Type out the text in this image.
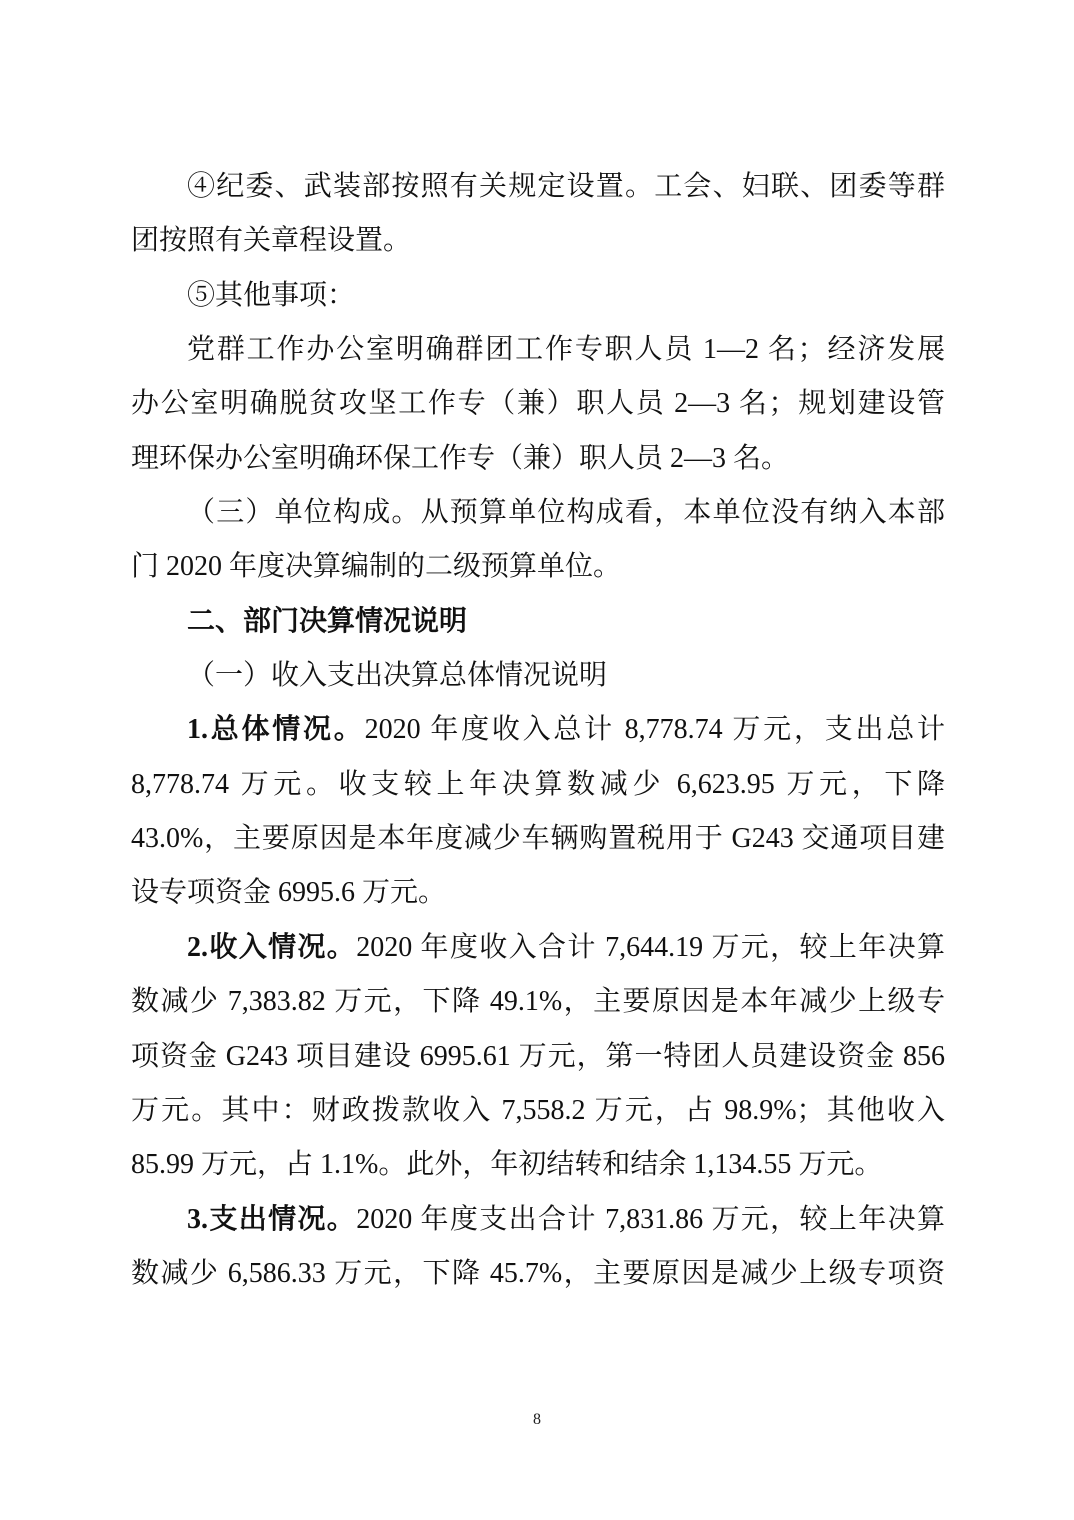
④纪委、武装部按照有关规定设置。工会、妇联、团委等群
团按照有关章程设置。
⑤其他事项：
党群工作办公室明确群团工作专职人员 1—2 名；经济发展
办公室明确脱贫攻坚工作专（兼）职人员 2—3 名；规划建设管
理环保办公室明确环保工作专（兼）职人员 2—3 名。
（三）单位构成。从预算单位构成看，本单位没有纳入本部
门 2020 年度决算编制的二级预算单位。
二、部门决算情况说明
（一）收入支出决算总体情况说明
1.总体情况。2020 年度收入总计 8,778.74 万元，支出总计
8,778.74 万元。收支较上年决算数减少 6,623.95 万元，下降
43.0%，主要原因是本年度减少车辆购置税用于 G243 交通项目建
设专项资金 6995.6 万元。
2.收入情况。2020 年度收入合计 7,644.19 万元，较上年决算
数减少 7,383.82 万元，下降 49.1%，主要原因是本年减少上级专
项资金 G243 项目建设 6995.61 万元，第一特团人员建设资金 856
万元。其中：财政拨款收入 7,558.2 万元，占 98.9%；其他收入
85.99 万元，占 1.1%。此外，年初结转和结余 1,134.55 万元。
3.支出情况。2020 年度支出合计 7,831.86 万元，较上年决算
数减少 6,586.33 万元，下降 45.7%，主要原因是减少上级专项资
8
